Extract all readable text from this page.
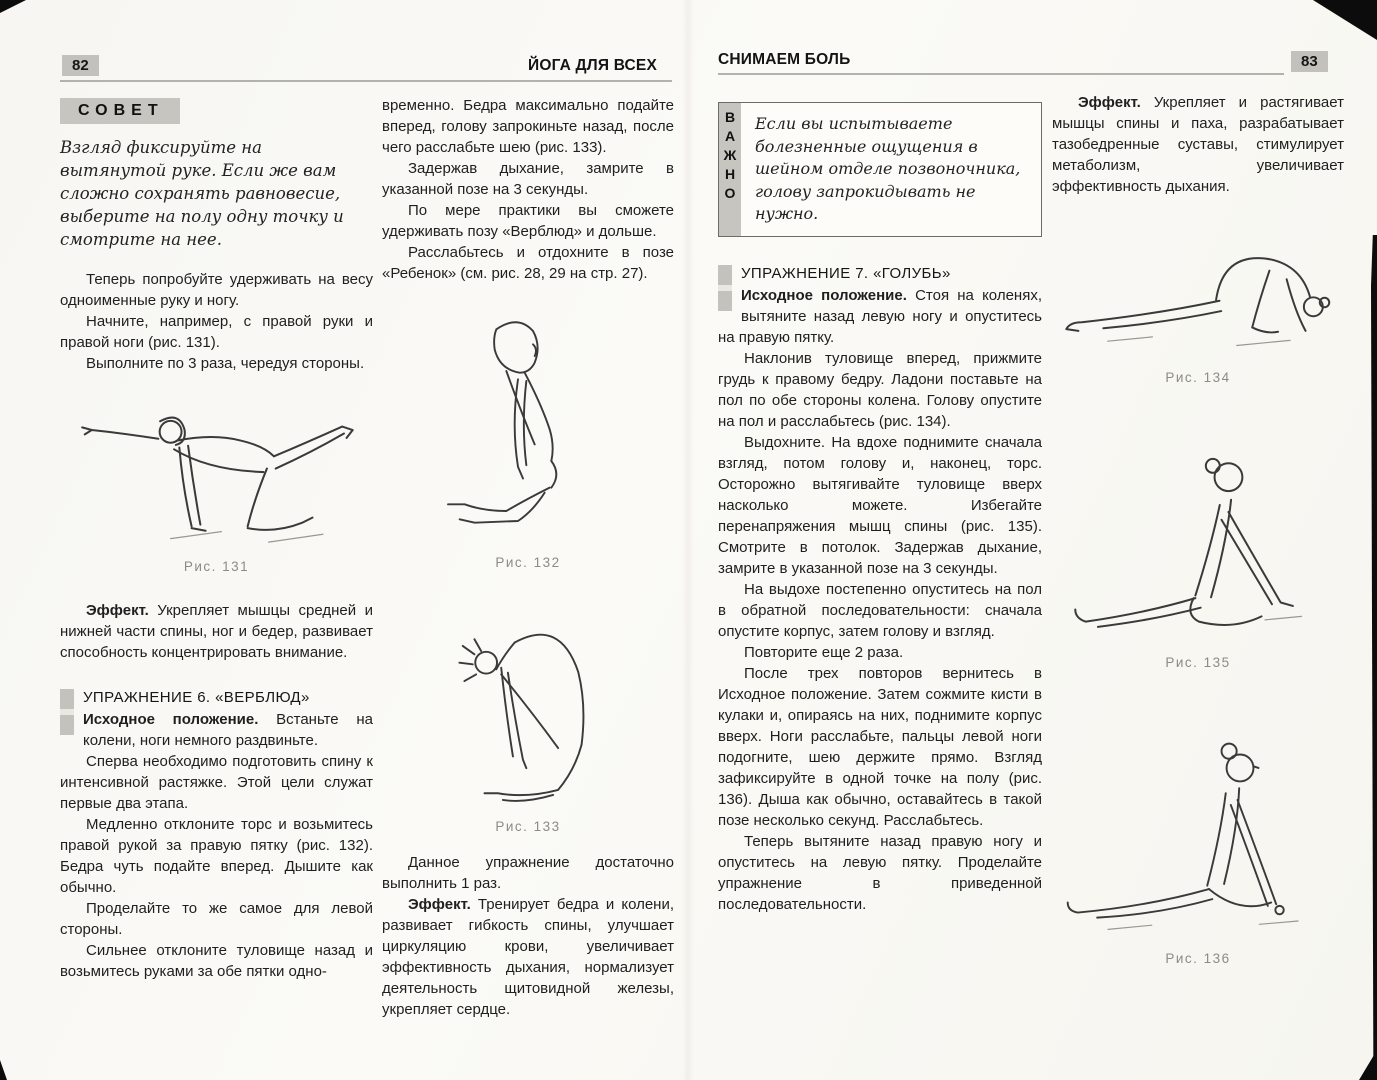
82	ЙОГА ДЛЯ ВСЕХ	СНИМАЕМ БОЛЬ	83
СОВЕТ
Взгляд фиксируйте на вытянутой руке. Если же вам сложно сохранять равновесие, выберите на полу одну точку и смотрите на нее.

Теперь попробуйте удерживать на весу одноименные руку и ногу.

Начните, например, с правой руки и правой ноги (рис. 131).

Выполните по 3 раза, чередуя стороны.

Рис. 131

Эффект. Укрепляет мышцы средней и нижней части спины, ног и бедер, развивает способность концентрировать внимание.

УПРАЖНЕНИЕ 6. «ВЕРБЛЮД»

Исходное положение. Встаньте на колени, ноги немного раздвиньте.

Сперва необходимо подготовить спину к интенсивной растяжке. Этой цели служат первые два этапа.

Медленно отклоните торс и возьмитесь правой рукой за правую пятку (рис. 132). Бедра чуть подайте вперед. Дышите как обычно.

Проделайте то же самое для левой стороны.

Сильнее отклоните туловище назад и возьмитесь руками за обе пятки одно-

временно. Бедра максимально подайте вперед, голову запрокиньте назад, после чего расслабьте шею (рис. 133).

Задержав дыхание, замрите в указанной позе на 3 секунды.

По мере практики вы сможете удерживать позу «Верблюд» и дольше.

Расслабьтесь и отдохните в позе «Ребенок» (см. рис. 28, 29 на стр. 27).

Рис. 132
Рис. 133

Данное упражнение достаточно выполнить 1 раз.

Эффект. Тренирует бедра и колени, развивает гибкость спины, улучшает циркуляцию крови, увеличивает эффективность дыхания, нормализует деятельность щитовидной железы, укрепляет сердце.

ВАЖНО	Если вы испытываете болезненные ощущения в шейном отделе позвоночника, голову запрокидывать не нужно.
УПРАЖНЕНИЕ 7. «ГОЛУБЬ»

Исходное положение. Стоя на коленях, вытяните назад левую ногу и опуститесь на правую пятку.

Наклонив туловище вперед, прижмите грудь к правому бедру. Ладони поставьте на пол по обе стороны колена. Голову опустите на пол и расслабьтесь (рис. 134).

Выдохните. На вдохе поднимите сначала взгляд, потом голову и, наконец, торс. Осторожно вытягивайте туловище вверх насколько можете. Избегайте перенапряжения мышц спины (рис. 135). Смотрите в потолок. Задержав дыхание, замрите в указанной позе на 3 секунды.

На выдохе постепенно опуститесь на пол в обратной последовательности: сначала опустите корпус, затем голову и взгляд.

Повторите еще 2 раза.

После трех повторов вернитесь в Исходное положение. Затем сожмите кисти в кулаки и, опираясь на них, поднимите корпус вверх. Ноги расслабьте, пальцы левой ноги подогните, шею держите прямо. Взгляд зафиксируйте в одной точке на полу (рис. 136). Дыша как обычно, оставайтесь в такой позе несколько секунд. Расслабьтесь.

Теперь вытяните назад правую ногу и опуститесь на левую пятку. Проделайте упражнение в приведенной последовательности.

Эффект. Укрепляет и растягивает мышцы спины и паха, разрабатывает тазобедренные суставы, стимулирует метаболизм, увеличивает эффективность дыхания.

Рис. 134
Рис. 135
Рис. 136
